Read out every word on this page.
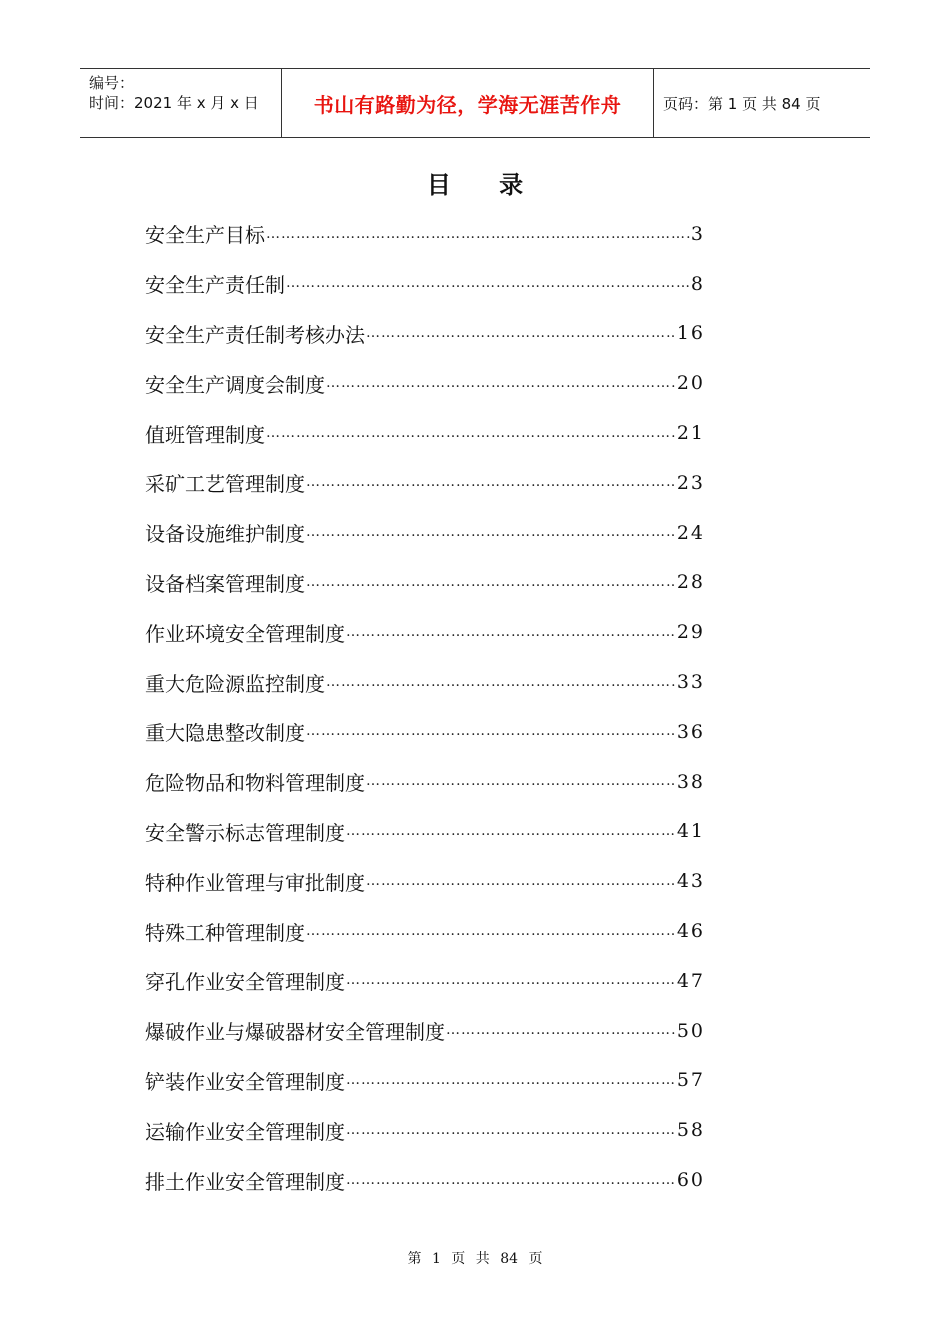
编号：
时间：2021 年 x 月 x 日	书山有路勤为径，学海无涯苦作舟	页码：第 1 页 共 84 页
目 录
安全生产目标 ……………………………………………………………………………………………………………………	3
安全生产责任制 ……………………………………………………………………………………………………………………	8
安全生产责任制考核办法 ……………………………………………………………………………………………………………………	16
安全生产调度会制度 ……………………………………………………………………………………………………………………	20
值班管理制度 ……………………………………………………………………………………………………………………	21
采矿工艺管理制度 ……………………………………………………………………………………………………………………	23
设备设施维护制度 ……………………………………………………………………………………………………………………	24
设备档案管理制度 ……………………………………………………………………………………………………………………	28
作业环境安全管理制度 ……………………………………………………………………………………………………………………	29
重大危险源监控制度 ……………………………………………………………………………………………………………………	33
重大隐患整改制度 ……………………………………………………………………………………………………………………	36
危险物品和物料管理制度 ……………………………………………………………………………………………………………………	38
安全警示标志管理制度 ……………………………………………………………………………………………………………………	41
特种作业管理与审批制度 ……………………………………………………………………………………………………………………	43
特殊工种管理制度 ……………………………………………………………………………………………………………………	46
穿孔作业安全管理制度 ……………………………………………………………………………………………………………………	47
爆破作业与爆破器材安全管理制度 ……………………………………………………………………………………………………………………	50
铲装作业安全管理制度 ……………………………………………………………………………………………………………………	57
运输作业安全管理制度 ……………………………………………………………………………………………………………………	58
排土作业安全管理制度 ……………………………………………………………………………………………………………………	60
第 1 页 共 84 页
